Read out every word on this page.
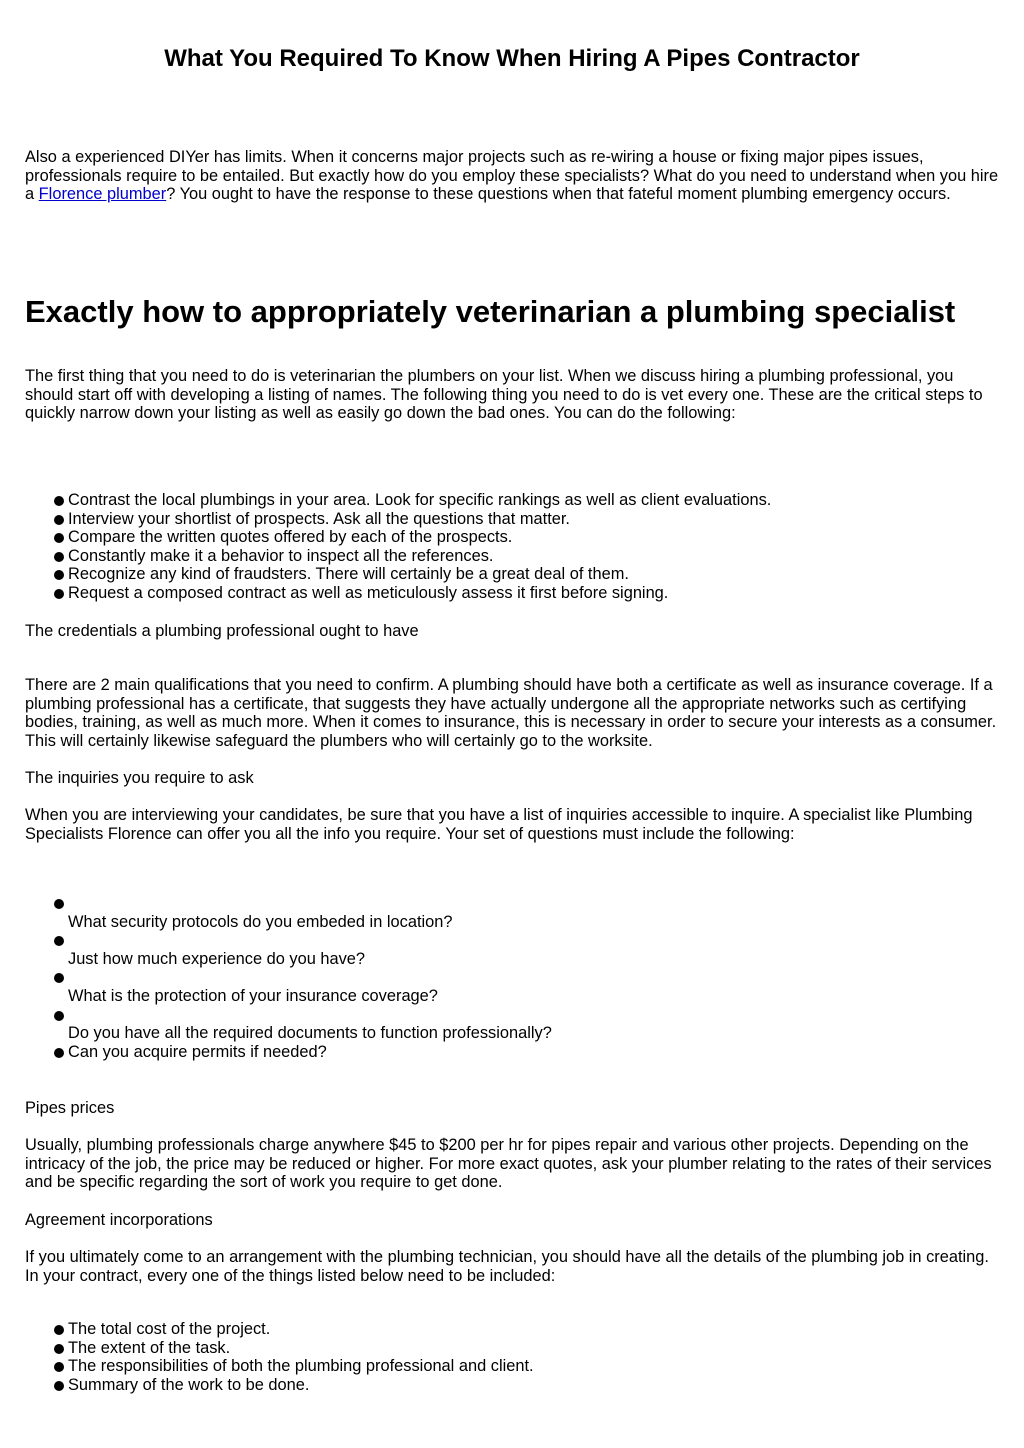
What You Required To Know When Hiring A Pipes Contractor

Also a experienced DIYer has limits. When it concerns major projects such as re-wiring a house or fixing major pipes issues, professionals require to be entailed. But exactly how do you employ these specialists? What do you need to understand when you hire a Florence plumber? You ought to have the response to these questions when that fateful moment plumbing emergency occurs.

Exactly how to appropriately veterinarian a plumbing specialist

The first thing that you need to do is veterinarian the plumbers on your list. When we discuss hiring a plumbing professional, you should start off with developing a listing of names. The following thing you need to do is vet every one. These are the critical steps to quickly narrow down your listing as well as easily go down the bad ones. You can do the following:

Contrast the local plumbings in your area. Look for specific rankings as well as client evaluations.
Interview your shortlist of prospects. Ask all the questions that matter.
Compare the written quotes offered by each of the prospects.
Constantly make it a behavior to inspect all the references.
Recognize any kind of fraudsters. There will certainly be a great deal of them.
Request a composed contract as well as meticulously assess it first before signing.

The credentials a plumbing professional ought to have

There are 2 main qualifications that you need to confirm. A plumbing should have both a certificate as well as insurance coverage. If a plumbing professional has a certificate, that suggests they have actually undergone all the appropriate networks such as certifying bodies, training, as well as much more. When it comes to insurance, this is necessary in order to secure your interests as a consumer. This will certainly likewise safeguard the plumbers who will certainly go to the worksite.

The inquiries you require to ask

When you are interviewing your candidates, be sure that you have a list of inquiries accessible to inquire. A specialist like Plumbing Specialists Florence can offer you all the info you require. Your set of questions must include the following:

What security protocols do you embeded in location?
Just how much experience do you have?
What is the protection of your insurance coverage?
Do you have all the required documents to function professionally?
Can you acquire permits if needed?

Pipes prices

Usually, plumbing professionals charge anywhere $45 to $200 per hr for pipes repair and various other projects. Depending on the intricacy of the job, the price may be reduced or higher. For more exact quotes, ask your plumber relating to the rates of their services and be specific regarding the sort of work you require to get done.

Agreement incorporations

If you ultimately come to an arrangement with the plumbing technician, you should have all the details of the plumbing job in creating. In your contract, every one of the things listed below need to be included:

The total cost of the project.
The extent of the task.
The responsibilities of both the plumbing professional and client.
Summary of the work to be done.
